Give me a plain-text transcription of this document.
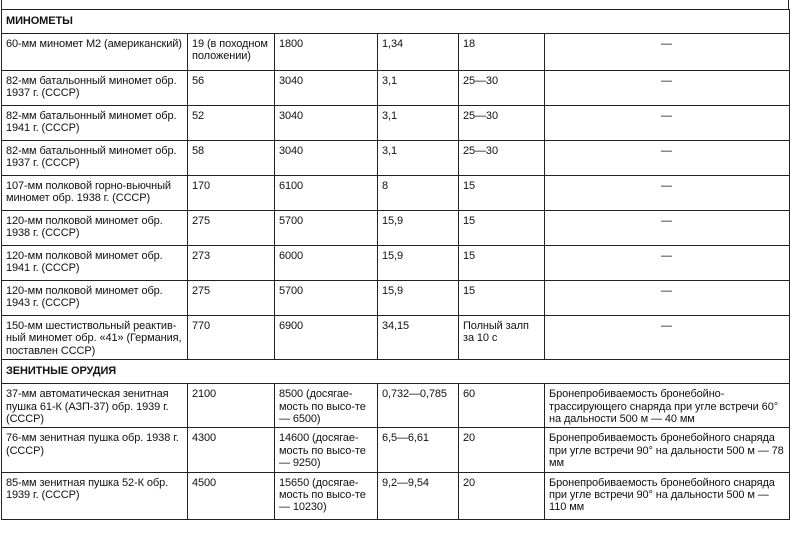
МИНОМЕТЫ					
60-мм миномет M2 (американский)	19 (в походном положении)	1800	1,34	18	—
82-мм батальонный миномет обр. 1937 г. (СССР)	56	3040	3,1	25—30	—
82-мм батальонный миномет обр. 1941 г. (СССР)	52	3040	3,1	25—30	—
82-мм батальонный миномет обр. 1937 г. (СССР)	58	3040	3,1	25—30	—
107-мм полковой горно-вьючный миномет обр. 1938 г. (СССР)	170	6100	8	15	—
120-мм полковой миномет обр. 1938 г. (СССР)	275	5700	15,9	15	—
120-мм полковой миномет обр. 1941 г. (СССР)	273	6000	15,9	15	—
120-мм полковой миномет обр. 1943 г. (СССР)	275	5700	15,9	15	—
150-мм шестиствольный реактив-ный миномет обр. «41» (Германия, поставлен СССР)	770	6900	34,15	Полный залп за 10 с	—
ЗЕНИТНЫЕ ОРУДИЯ					
37-мм автоматическая зенитная пушка 61-К (АЗП-37) обр. 1939 г. (СССР)	2100	8500 (досягае-мость по высо-те — 6500)	0,732—0,785	60	Бронепробиваемость бронебойно-трассирующего снаряда при угле встречи 60° на дальности 500 м — 40 мм
76-мм зенитная пушка обр. 1938 г. (СССР)	4300	14600 (досягае-мость по высо-те — 9250)	6,5—6,61	20	Бронепробиваемость бронебойного снаряда при угле встречи 90° на дальности 500 м — 78 мм
85-мм зенитная пушка 52-К обр. 1939 г. (СССР)	4500	15650 (досягае-мость по высо-те — 10230)	9,2—9,54	20	Бронепробиваемость бронебойного снаряда при угле встречи 90° на дальности 500 м — 110 мм
